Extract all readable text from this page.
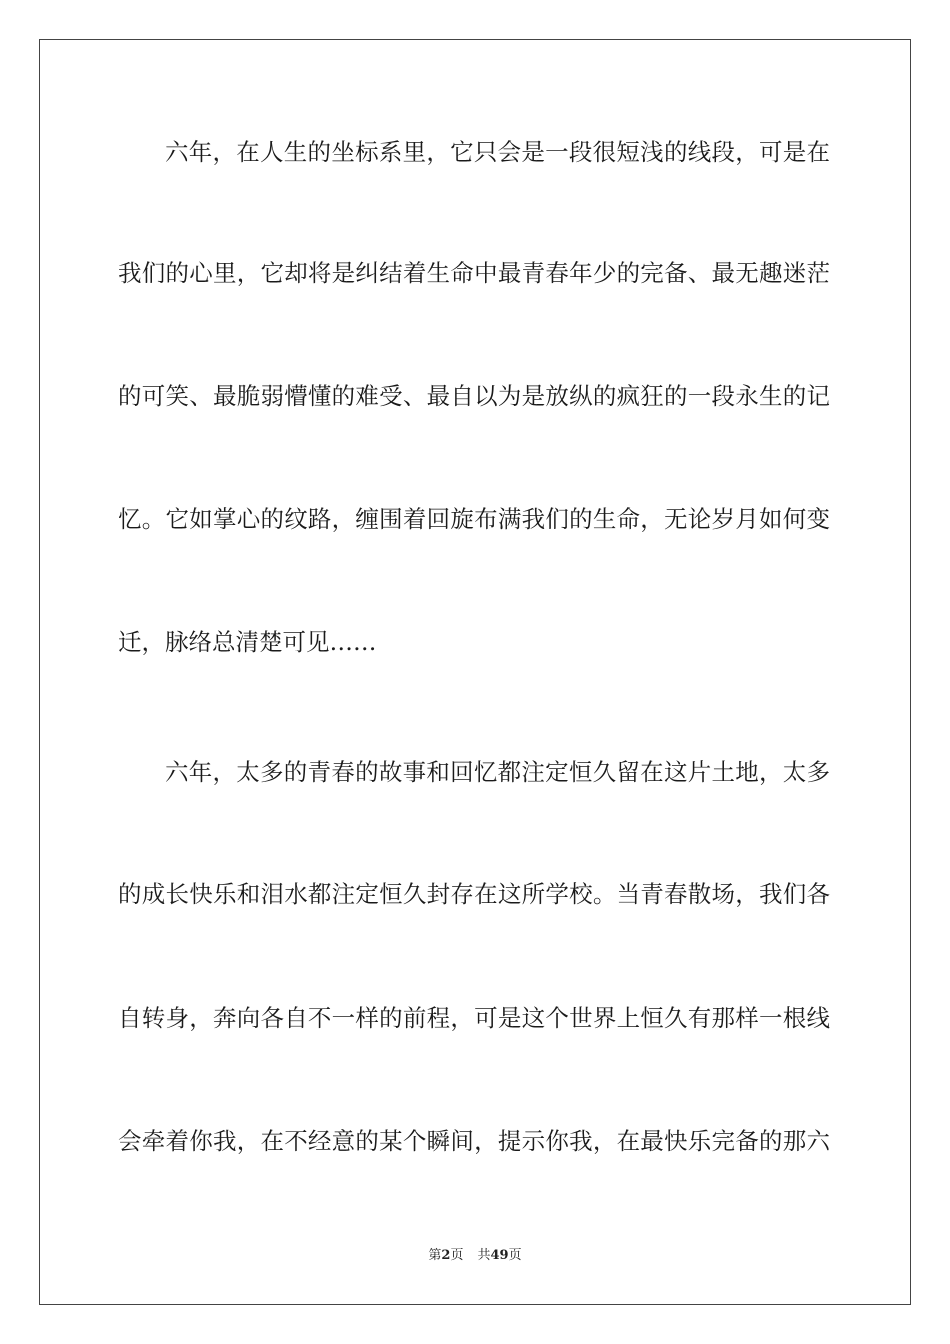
六年，在人生的坐标系里，它只会是一段很短浅的线段，可是在
我们的心里，它却将是纠结着生命中最青春年少的完备、最无趣迷茫
的可笑、最脆弱懵懂的难受、最自以为是放纵的疯狂的一段永生的记
忆。它如掌心的纹路，缠围着回旋布满我们的生命，无论岁月如何变
迁，脉络总清楚可见……
六年，太多的青春的故事和回忆都注定恒久留在这片土地，太多
的成长快乐和泪水都注定恒久封存在这所学校。当青春散场，我们各
自转身，奔向各自不一样的前程，可是这个世界上恒久有那样一根线
会牵着你我，在不经意的某个瞬间，提示你我，在最快乐完备的那六
第2页 共49页
